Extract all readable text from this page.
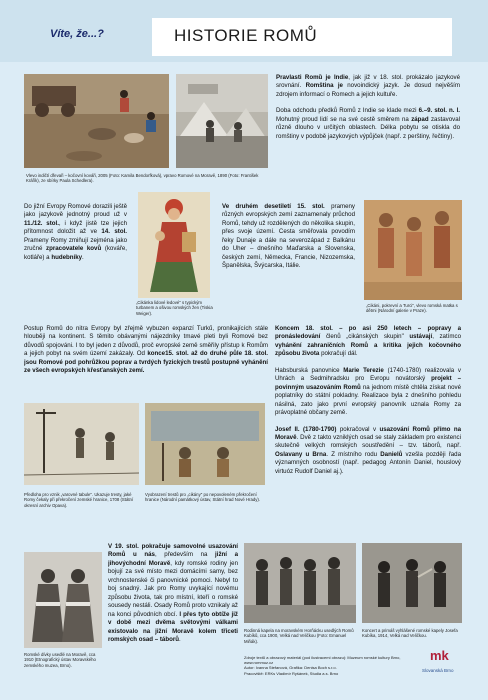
Víte, že...?	HISTORIE ROMŮ
Vlevo indičtí dřevaři – kočovní kováři, 2005 (Foto: Kamila Bendorfková), vpravo Romové na Moravě, 1890 (Foto: František Kráľík), ze sbírky Paula Schedlera).

Pravlasti Romů je Indie, jak již v 18. stol. prokázalo jazykové srovnání. Romština je novoindický jazyk. Je dosud nejvěším zdrojem informací o Romech a jejich kultuře.

Doba odchodu předků Romů z Indie se klade mezi 6.–9. stol. n. l. Mohutný proud lidí se na své cestě směrem na západ zastavoval různě dlouho v určitých oblastech. Délka pobytu se otiskla do romštiny v podobě jazykových výpůjček (např. z perštiny, řečtiny).

Do jižní Evropy Romové dorazili ještě jako jazykově jednotný proud už v 11./12. stol., i když jistě tze jejich přítomnost doložit až ve 14. stol. Prameny Romy zmiňují zejména jako zručné zpracovatele kovů (kováře, kotláře) a hudebníky.

„Cikánka lidové ledové" s typickým turbanem a ošivou romských žen (Tiskia Weiger).

Ve druhém desetiletí 15. stol. prameny různých evropských zemí zaznamenaly průchod Romů, tehdy už rozdělených do několika skupin, přes svoje území. Cesta směřovala povodím řeky Dunaje a dále na severozápad z Balkánu do Uher – dnešního Maďarska a Slovenska, českých zemí, Německa, Francie, Nizozemska, Španělska, Švýcarska, Itálie.

„Cikáni, pokrevní a Turci", vlevo romská matka s dětmi (Národní galerie v Praze).

Postup Romů do nitra Evropy byl zřejmě vybuzen expanzí Turků, pronikajících stále hlouběji na kontinent. S těmito obávanými nájezdníky tmavé pleti byli Romové bez důvodů spojováni. I to byl jeden z důvodů, proč evropské země směřily přístup k Romům a jejich pobyt na svém území zakázaly. Od konce15. stol. až do druhé půle 18. stol. jsou Romové pod pohrůžkou poprav a tvrdých fyzických trestů postupně vyhánění ze všech evropských křesťanských zemí.

Předloha pro vznik „varovné tabule". Ukazuje tresty, jaké Romy čekaly při překročení zemské hranice, 1708 (Státní okresní archiv Opava).
Vyobrazení trestů pro „cikány" po nepovoleném překročení hranice (Národní památkový ústav, Státní hrad Nové Hrady).

Koncem 18. stol. – po asi 250 letech – popravy a pronásledování členů „cikánských skupin" ustávají, zatímco vyhánění zahraničních Romů a kritika jejich kočovného způsobu života pokračují dál.

Habsburská panovnice Marie Terezie (1740-1780) realizovala v Uhrách a Sedmihradsku pro Evropu novátorský projekt – povinným usazováním Romů na jednom místě chtěla získat nové poplatníky do státní pokladny. Realizace byla z dnešního pohledu násilná, zato jako první evropský panovník uznala Romy za právoplatné občany země.

Josef II. (1780-1790) pokračoval v usazování Romů přímo na Moravě. Dvě z takto vzniklých osad se staly základem pro existenci skutečně velkých romských soustředění – tzv. táborů, např. Oslavany u Brna. Z místního rodu Danielů vzešla později řada významných osobností (např. pedagog Antonín Daniel, houslový virtuóz Rudolf Daniel aj.).

V 19. stol. pokračuje samovolné usazování Romů u nás, především na jižní a jihovýchodní Moravě, kdy romské rodiny jen bojují za své místo mezi domácími samy, bez vrchnostenské či panovnické pomoci. Nebyl to boj snadný. Jak pro Romy uvykající novému způsobu života, tak pro místní, kteří o romské sousedy nestáli. Osady Romů proto vznikaly až na konci původních obcí. I přes tyto obtíže již v době mezi dvěma světovými válkami existovalo na jižní Moravě kolem třiceti romských osad – táborů.

Romské dívky usedlé na Moravě, cca 1910 (Etnografický ústav Moravského zemského muzea, Brno).
Rodinná kapela na moravském Horňácku usedlých Romů Kubíků, cca 1900, Velká nad Veličkou (Foto: Emanuel Miňák).
Koncert a primáš vyhlášené romské kapely Josefa Kubíka, 1914, Velká nad Veličkou.
Zdroje textů a obrazový materiál (pod ilustracemi obrazu): Muzeum romské kultury Brno, www.rommuz.cz
Autor: Ivanna Stefanová, Grafika: Denisa Boch s.r.o.
Pracoviště: ERKs Vladimír Ryšánek, Studia a.s. Brno
mk
Slovanská Brno
